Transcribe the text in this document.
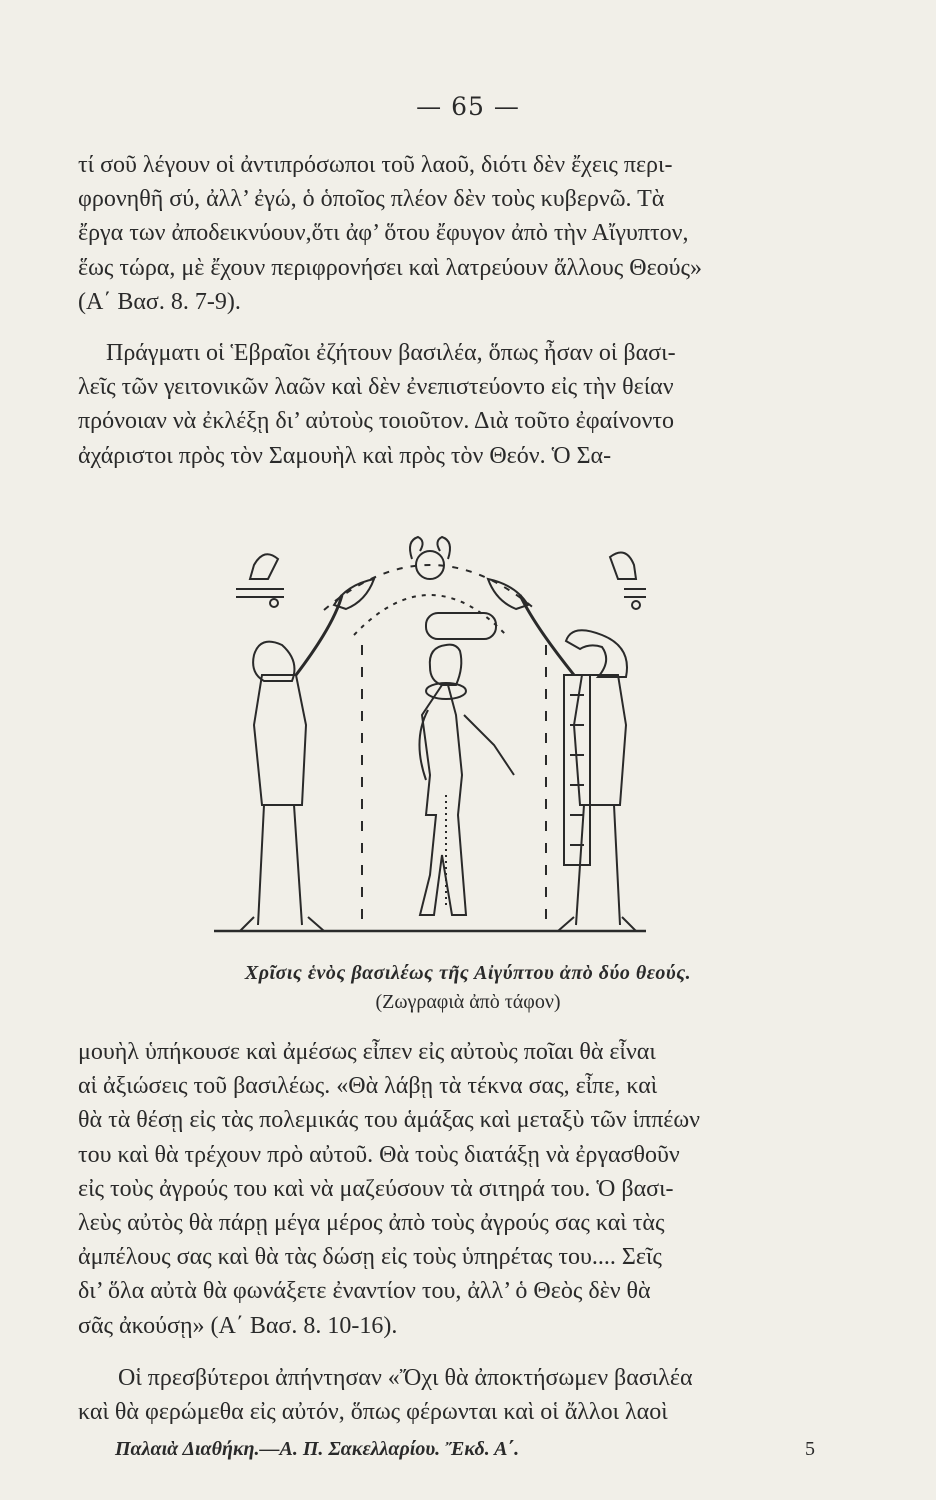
— 65 —
τί σοῦ λέγουν οἱ ἀντιπρόσωποι τοῦ λαοῦ, διότι δὲν ἔχεις περι-
φρονηθῆ σύ, ἀλλ’ ἐγώ, ὁ ὁποῖος πλέον δὲν τοὺς κυβερνῶ. Τὰ
ἔργα των ἀποδεικνύουν,ὅτι ἀφ’ ὅτου ἔφυγον ἀπὸ τὴν Αἴγυπτον,
ἕως τώρα, μὲ ἔχουν περιφρονήσει καὶ λατρεύουν ἄλλους Θεούς»
(Α΄ Βασ. 8. 7-9).
Πράγματι οἱ Ἑβραῖοι ἐζήτουν βασιλέα, ὅπως ἦσαν οἱ βασι-
λεῖς τῶν γειτονικῶν λαῶν καὶ δὲν ἐνεπιστεύοντο εἰς τὴν θείαν
πρόνοιαν νὰ ἐκλέξῃ δι’ αὐτοὺς τοιοῦτον. Διὰ τοῦτο ἐφαίνοντο
ἀχάριστοι πρὸς τὸν Σαμουὴλ καὶ πρὸς τὸν Θεόν. Ὁ Σα-
Χρῖσις ἑνὸς βασιλέως τῆς Αἰγύπτου ἀπὸ δύο θεούς.
(Ζωγραφιὰ ἀπὸ τάφον)
μουὴλ ὑπήκουσε καὶ ἀμέσως εἶπεν εἰς αὐτοὺς ποῖαι θὰ εἶναι
αἱ ἀξιώσεις τοῦ βασιλέως. «Θὰ λάβῃ τὰ τέκνα σας, εἶπε, καὶ
θὰ τὰ θέσῃ εἰς τὰς πολεμικάς του ἁμάξας καὶ μεταξὺ τῶν ἱππέων
του καὶ θὰ τρέχουν πρὸ αὐτοῦ. Θὰ τοὺς διατάξῃ νὰ ἐργασθοῦν
εἰς τοὺς ἀγρούς του καὶ νὰ μαζεύσουν τὰ σιτηρά του. Ὁ βασι-
λεὺς αὐτὸς θὰ πάρῃ μέγα μέρος ἀπὸ τοὺς ἀγρούς σας καὶ τὰς
ἀμπέλους σας καὶ θὰ τὰς δώσῃ εἰς τοὺς ὑπηρέτας του.... Σεῖς
δι’ ὅλα αὐτὰ θὰ φωνάξετε ἐναντίον του, ἀλλ’ ὁ Θεὸς δὲν θὰ
σᾶς ἀκούσῃ» (Α΄ Βασ. 8. 10-16).
Οἱ πρεσβύτεροι ἀπήντησαν «Ὄχι θὰ ἀποκτήσωμεν βασιλέα
καὶ θὰ φερώμεθα εἰς αὐτόν, ὅπως φέρωνται καὶ οἱ ἄλλοι λαοὶ
Παλαιὰ Διαθήκη.—Α. Π. Σακελλαρίου. Ἔκδ. Α΄.	5
